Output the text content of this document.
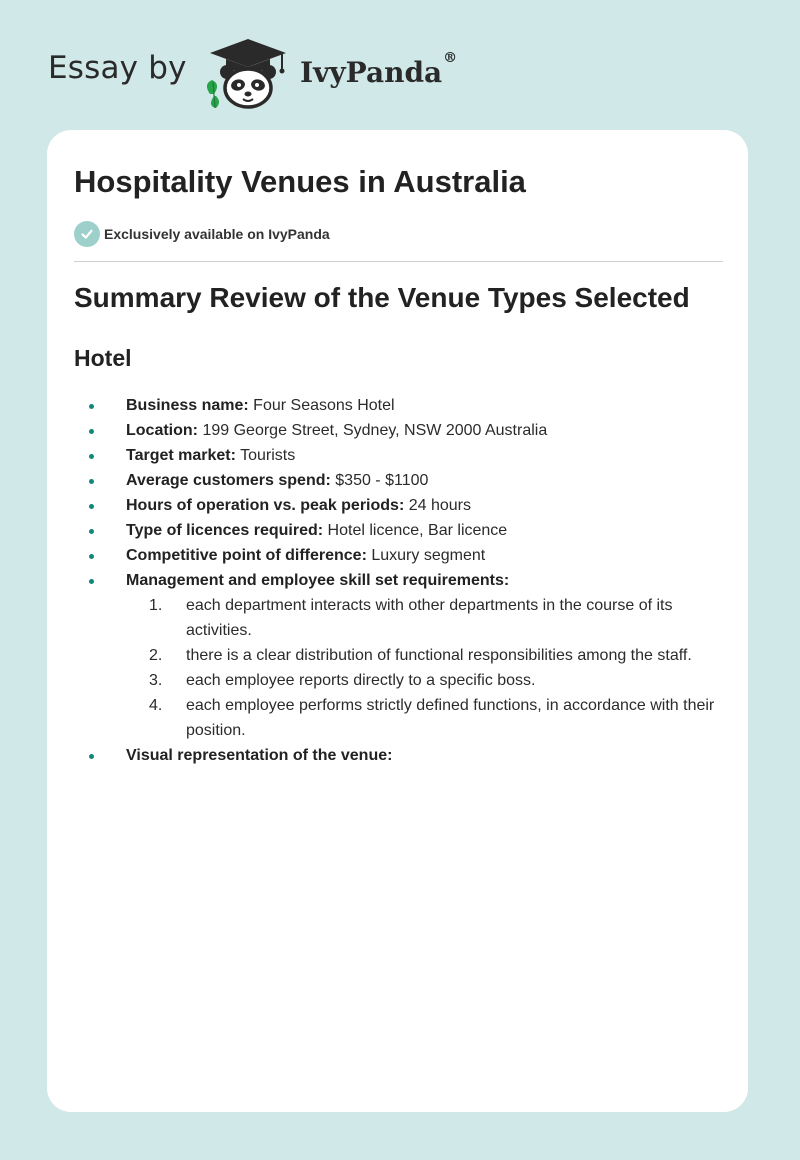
Essay by	IvyPanda®
Hospitality Venues in Australia
Exclusively available on IvyPanda
Summary Review of the Venue Types Selected
Hotel
Business name: Four Seasons Hotel
Location: 199 George Street, Sydney, NSW 2000 Australia
Target market: Tourists
Average customers spend: $350 - $1100
Hours of operation vs. peak periods: 24 hours
Type of licences required: Hotel licence, Bar licence
Competitive point of difference: Luxury segment
Management and employee skill set requirements:
1. each department interacts with other departments in the course of its activities.
2. there is a clear distribution of functional responsibilities among the staff.
3. each employee reports directly to a specific boss.
4. each employee performs strictly defined functions, in accordance with their position.
Visual representation of the venue:
